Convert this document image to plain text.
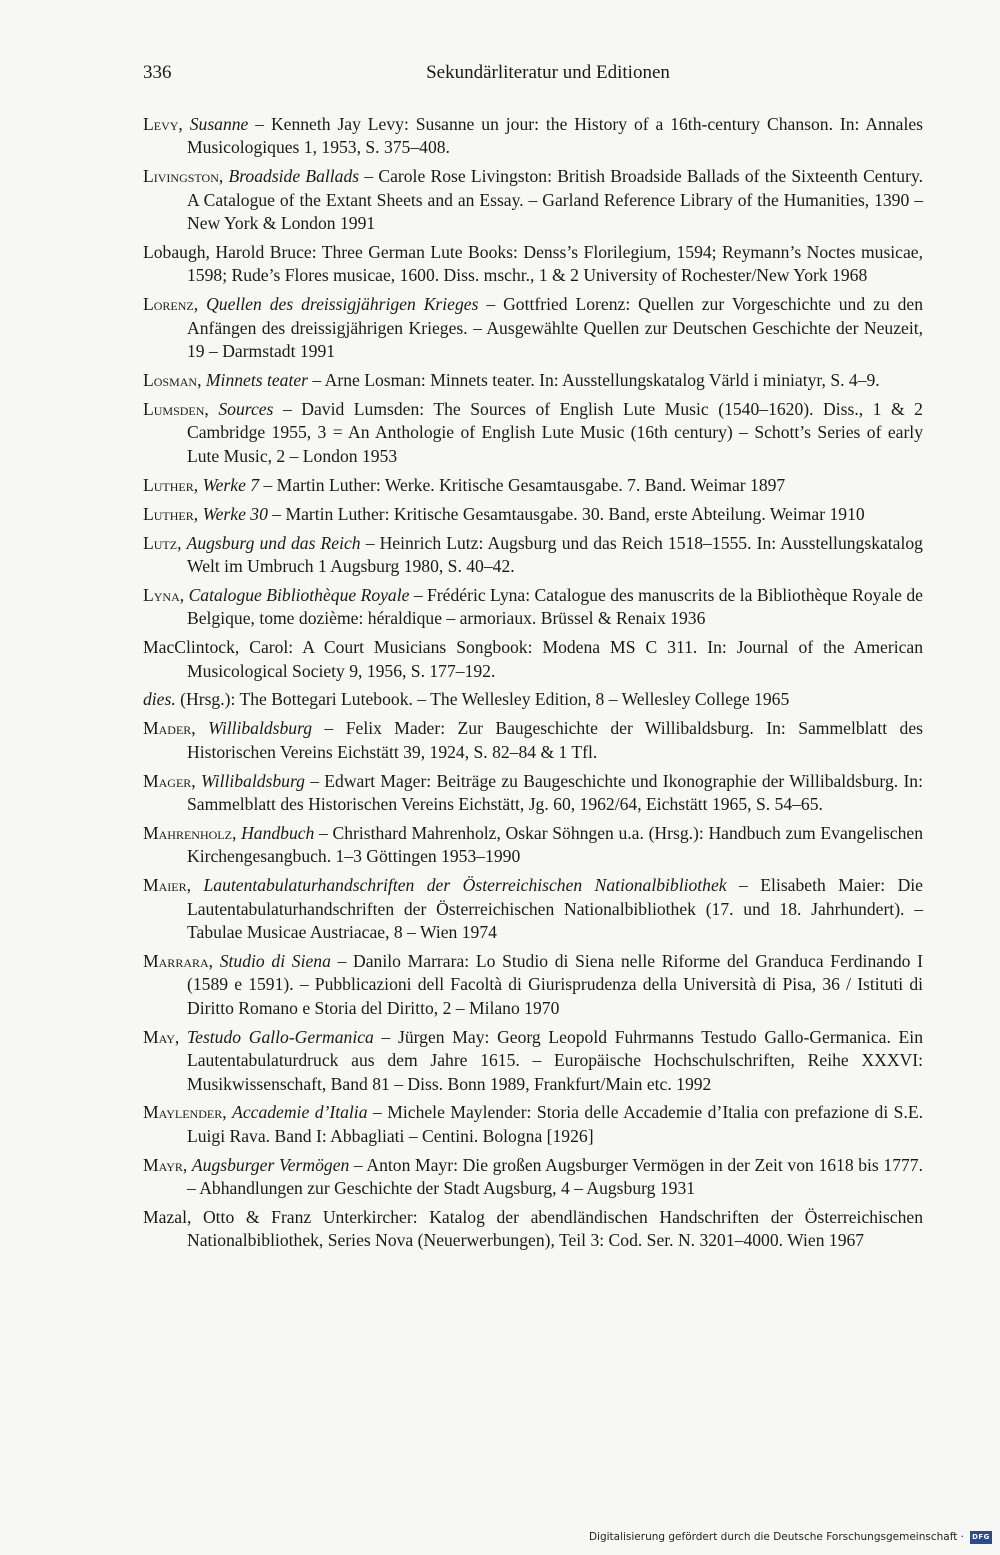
336	Sekundärliteratur und Editionen

Levy, Susanne – Kenneth Jay Levy: Susanne un jour: the History of a 16th-century Chanson. In: Annales Musicologiques 1, 1953, S. 375–408.

Livingston, Broadside Ballads – Carole Rose Livingston: British Broadside Ballads of the Sixteenth Century. A Catalogue of the Extant Sheets and an Essay. – Garland Reference Library of the Humanities, 1390 – New York & London 1991

Lobaugh, Harold Bruce: Three German Lute Books: Denss’s Florilegium, 1594; Reymann’s Noctes musicae, 1598; Rude’s Flores musicae, 1600. Diss. mschr., 1 & 2 University of Rochester/New York 1968

Lorenz, Quellen des dreissigjährigen Krieges – Gottfried Lorenz: Quellen zur Vorgeschichte und zu den Anfängen des dreissigjährigen Krieges. – Ausgewählte Quellen zur Deutschen Geschichte der Neuzeit, 19 – Darmstadt 1991

Losman, Minnets teater – Arne Losman: Minnets teater. In: Ausstellungskatalog Värld i miniatyr, S. 4–9.

Lumsden, Sources – David Lumsden: The Sources of English Lute Music (1540–1620). Diss., 1 & 2 Cambridge 1955, 3 = An Anthologie of English Lute Music (16th century) – Schott’s Series of early Lute Music, 2 – London 1953

Luther, Werke 7 – Martin Luther: Werke. Kritische Gesamtausgabe. 7. Band. Weimar 1897

Luther, Werke 30 – Martin Luther: Kritische Gesamtausgabe. 30. Band, erste Abteilung. Weimar 1910

Lutz, Augsburg und das Reich – Heinrich Lutz: Augsburg und das Reich 1518–1555. In: Ausstellungskatalog Welt im Umbruch 1 Augsburg 1980, S. 40–42.

Lyna, Catalogue Bibliothèque Royale – Frédéric Lyna: Catalogue des manuscrits de la Bibliothèque Royale de Belgique, tome dozième: héraldique – armoriaux. Brüssel & Renaix 1936

MacClintock, Carol: A Court Musicians Songbook: Modena MS C 311. In: Journal of the American Musicological Society 9, 1956, S. 177–192.

dies. (Hrsg.): The Bottegari Lutebook. – The Wellesley Edition, 8 – Wellesley College 1965

Mader, Willibaldsburg – Felix Mader: Zur Baugeschichte der Willibaldsburg. In: Sammelblatt des Historischen Vereins Eichstätt 39, 1924, S. 82–84 & 1 Tfl.

Mager, Willibaldsburg – Edwart Mager: Beiträge zu Baugeschichte und Ikonographie der Willibaldsburg. In: Sammelblatt des Historischen Vereins Eichstätt, Jg. 60, 1962/64, Eichstätt 1965, S. 54–65.

Mahrenholz, Handbuch – Christhard Mahrenholz, Oskar Söhngen u.a. (Hrsg.): Handbuch zum Evangelischen Kirchengesangbuch. 1–3 Göttingen 1953–1990

Maier, Lautentabulaturhandschriften der Österreichischen Nationalbibliothek – Elisabeth Maier: Die Lautentabulaturhandschriften der Österreichischen Nationalbibliothek (17. und 18. Jahrhundert). – Tabulae Musicae Austriacae, 8 – Wien 1974

Marrara, Studio di Siena – Danilo Marrara: Lo Studio di Siena nelle Riforme del Granduca Ferdinando I (1589 e 1591). – Pubblicazioni dell Facoltà di Giurisprudenza della Università di Pisa, 36 / Istituti di Diritto Romano e Storia del Diritto, 2 – Milano 1970

May, Testudo Gallo-Germanica – Jürgen May: Georg Leopold Fuhrmanns Testudo Gallo-Germanica. Ein Lautentabulaturdruck aus dem Jahre 1615. – Europäische Hochschulschriften, Reihe XXXVI: Musikwissenschaft, Band 81 – Diss. Bonn 1989, Frankfurt/Main etc. 1992

Maylender, Accademie d’Italia – Michele Maylender: Storia delle Accademie d’Italia con prefazione di S.E. Luigi Rava. Band I: Abbagliati – Centini. Bologna [1926]

Mayr, Augsburger Vermögen – Anton Mayr: Die großen Augsburger Vermögen in der Zeit von 1618 bis 1777. – Abhandlungen zur Geschichte der Stadt Augsburg, 4 – Augsburg 1931

Mazal, Otto & Franz Unterkircher: Katalog der abendländischen Handschriften der Österreichischen Nationalbibliothek, Series Nova (Neuerwerbungen), Teil 3: Cod. Ser. N. 3201–4000. Wien 1967

Digitalisierung gefördert durch die Deutsche Forschungsgemeinschaft · DFG
